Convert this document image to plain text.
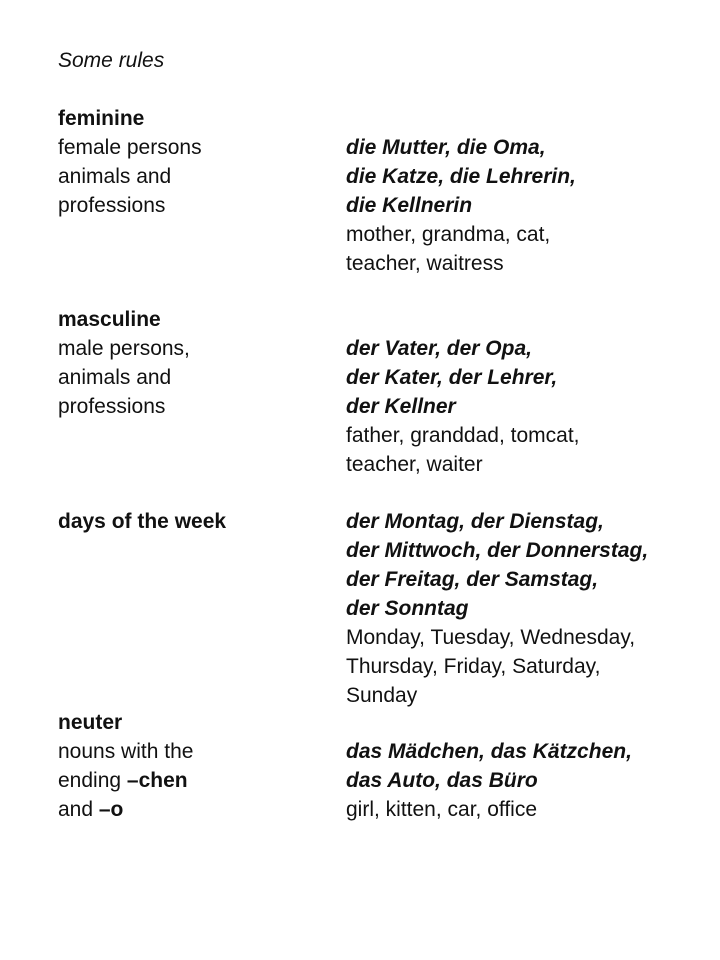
Some rules
feminine
female persons
animals and
professions
die Mutter, die Oma,
die Katze, die Lehrerin,
die Kellnerin
mother, grandma, cat,
teacher, waitress
masculine
male persons,
animals and
professions
der Vater, der Opa,
der Kater, der Lehrer,
der Kellner
father, granddad, tomcat,
teacher, waiter
days of the week	der Montag, der Dienstag,
der Mittwoch, der Donnerstag,
der Freitag, der Samstag,
der Sonntag
Monday, Tuesday, Wednesday,
Thursday, Friday, Saturday,
Sunday
neuter
nouns with the
ending –chen
and –o
das Mädchen, das Kätzchen,
das Auto, das Büro
girl, kitten, car, office
